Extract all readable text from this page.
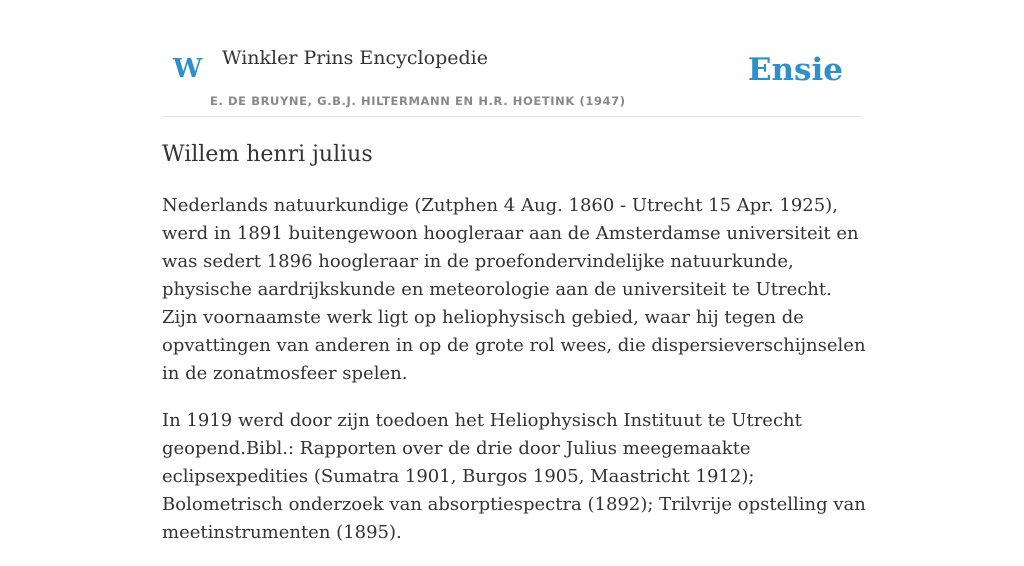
W Winkler Prins Encyclopedie
E. DE BRUYNE, G.B.J. HILTERMANN EN H.R. HOETINK (1947)
Ensie
Willem henri julius

Nederlands natuurkundige (Zutphen 4 Aug. 1860 - Utrecht 15 Apr. 1925), werd in 1891 buitengewoon hoogleraar aan de Amsterdamse universiteit en was sedert 1896 hoogleraar in de proefondervindelijke natuurkunde, physische aardrijkskunde en meteorologie aan de universiteit te Utrecht. Zijn voornaamste werk ligt op heliophysisch gebied, waar hij tegen de opvattingen van anderen in op de grote rol wees, die dispersieverschijnselen in de zonatmosfeer spelen.

In 1919 werd door zijn toedoen het Heliophysisch Instituut te Utrecht geopend.Bibl.: Rapporten over de drie door Julius meegemaakte eclipsexpedities (Sumatra 1901, Burgos 1905, Maastricht 1912); Bolometrisch onderzoek van absorptiespectra (1892); Trilvrije opstelling van meetinstrumenten (1895).
